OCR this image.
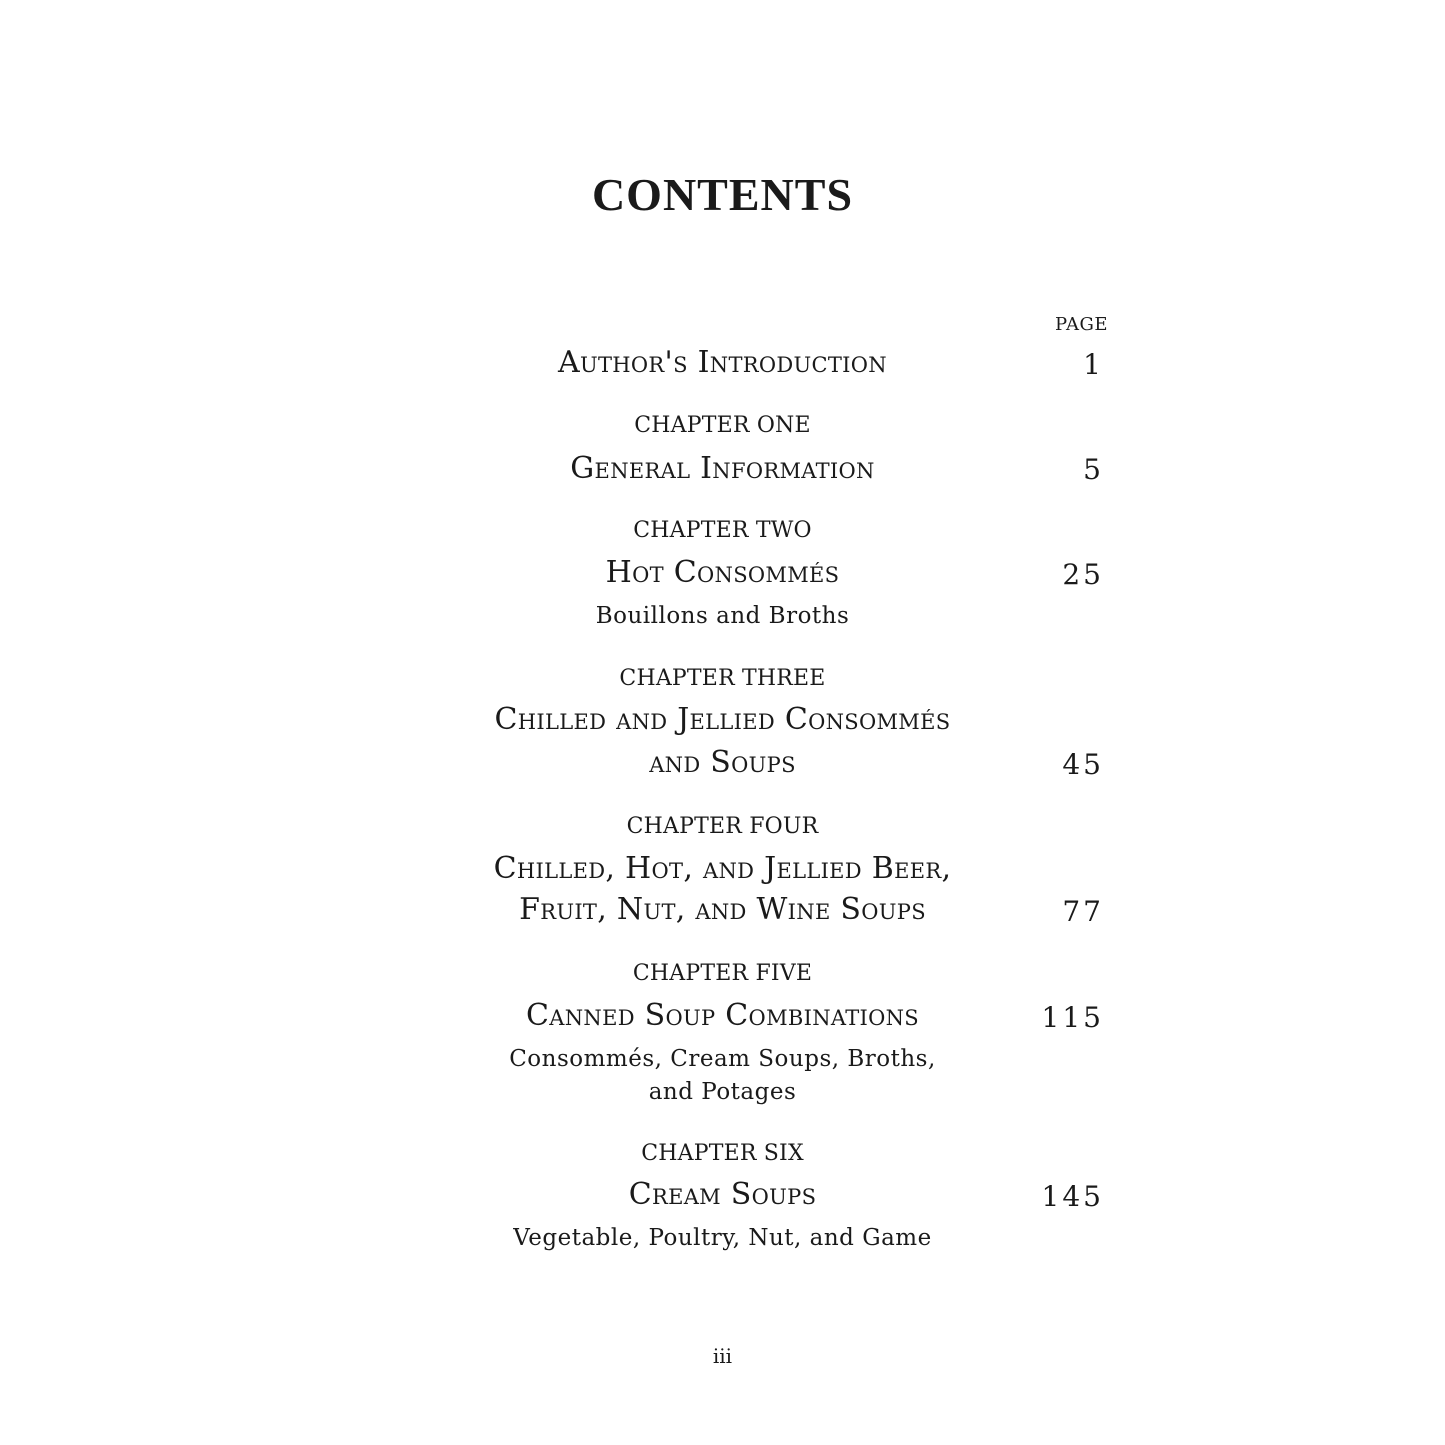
CONTENTS
PAGE
Author's Introduction	1
CHAPTER ONE
General Information	5
CHAPTER TWO
Hot Consommés	25
Bouillons and Broths
CHAPTER THREE
Chilled and Jellied Consommés
and Soups	45
CHAPTER FOUR
Chilled, Hot, and Jellied Beer,
Fruit, Nut, and Wine Soups	77
CHAPTER FIVE
Canned Soup Combinations	115
Consommés, Cream Soups, Broths,
and Potages
CHAPTER SIX
Cream Soups	145
Vegetable, Poultry, Nut, and Game
iii
